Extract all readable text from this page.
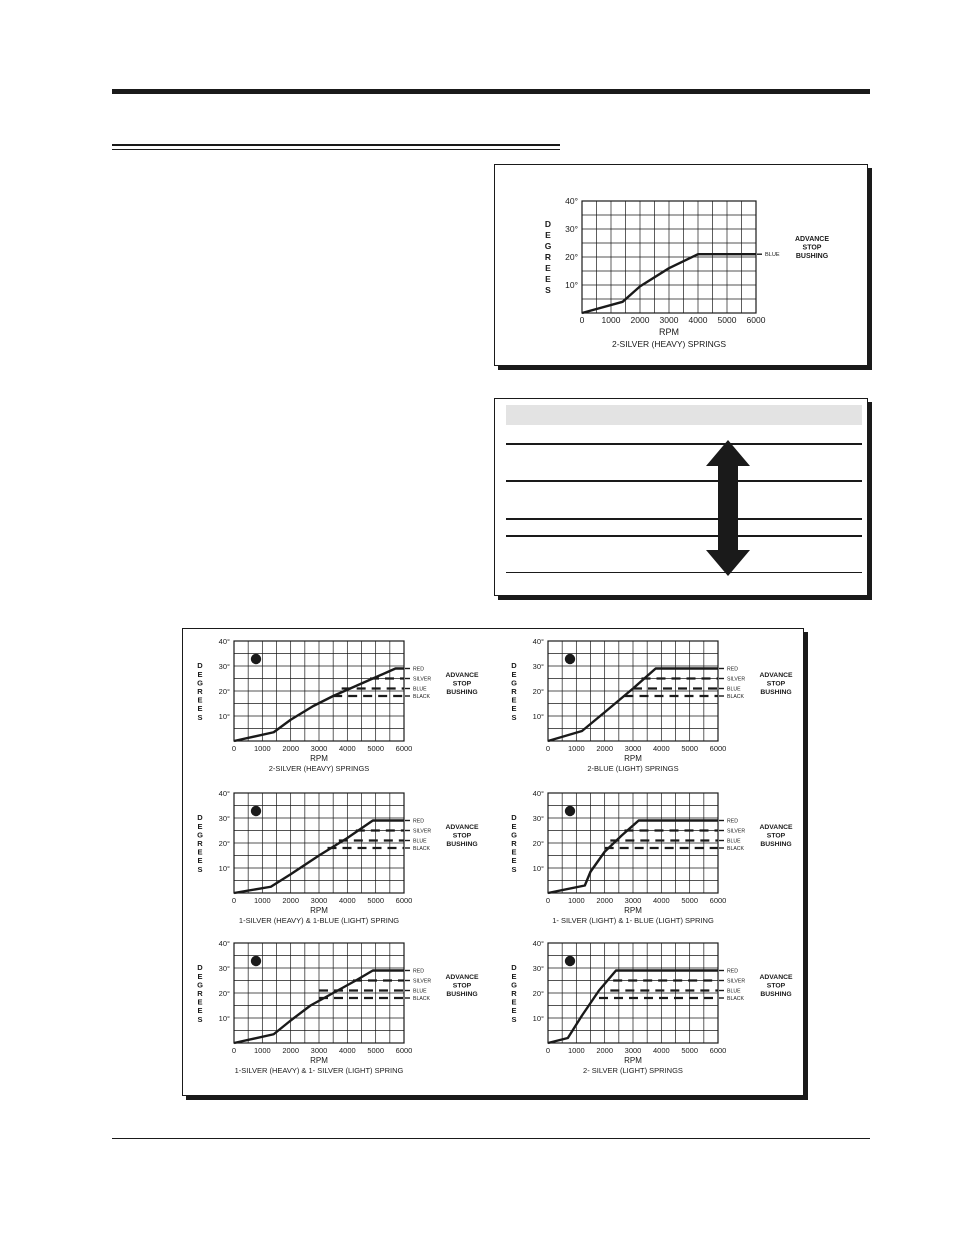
0 1000 2000 3000 4000 5000 6000
10°
20°
30°
40°
D
E
G
R
E
E
S
RPM
2-SILVER (HEAVY) SPRINGS
BLUE
ADVANCE
STOP
BUSHING
0 1000 2000 3000 4000 5000 6000
10°
20°
30°
40°
D
E
G
R
E
E
S
RPM
2-SILVER (HEAVY) SPRINGS
A
RED
SILVER
BLUE
BLACK
ADVANCE
STOP
BUSHING
0 1000 2000 3000 4000 5000 6000
10°
20°
30°
40°
D
E
G
R
E
E
S
RPM
2-BLUE (LIGHT) SPRINGS
D
RED
SILVER
BLUE
BLACK
ADVANCE
STOP
BUSHING
0 1000 2000 3000 4000 5000 6000
10°
20°
30°
40°
D
E
G
R
E
E
S
RPM
1-SILVER (HEAVY) & 1-BLUE (LIGHT) SPRING
B
RED
SILVER
BLUE
BLACK
ADVANCE
STOP
BUSHING
0 1000 2000 3000 4000 5000 6000
10°
20°
30°
40°
D
E
G
R
E
E
S
RPM
1- SILVER (LIGHT) & 1- BLUE (LIGHT) SPRING
E
RED
SILVER
BLUE
BLACK
ADVANCE
STOP
BUSHING
0 1000 2000 3000 4000 5000 6000
10°
20°
30°
40°
D
E
G
R
E
E
S
RPM
1-SILVER (HEAVY) & 1- SILVER (LIGHT) SPRING
C
RED
SILVER
BLUE
BLACK
ADVANCE
STOP
BUSHING
0 1000 2000 3000 4000 5000 6000
10°
20°
30°
40°
D
E
G
R
E
E
S
RPM
2- SILVER (LIGHT) SPRINGS
F
RED
SILVER
BLUE
BLACK
ADVANCE
STOP
BUSHING
